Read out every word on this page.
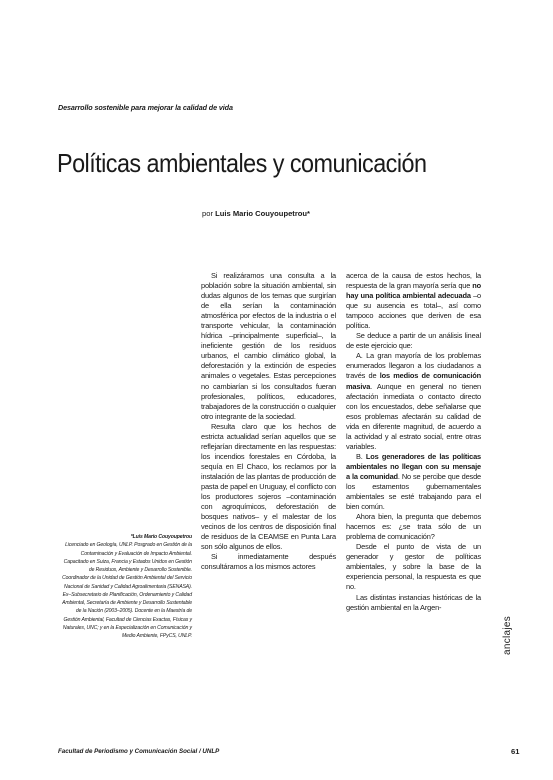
Desarrollo sostenible para mejorar la calidad de vida
Políticas ambientales y comunicación
por Luis Mario Couyoupetrou*

Si realizáramos una consulta a la población sobre la situación ambiental, sin dudas algunos de los temas que surgirían de ella serían la contaminación atmosférica por efectos de la industria o el transporte vehicular, la contaminación hídrica –principalmente superficial–, la ineficiente gestión de los residuos urbanos, el cambio climático global, la deforestación y la extinción de especies animales o vegetales. Estas percepciones no cambiarían si los consultados fueran profesionales, políticos, educadores, trabajadores de la construcción o cualquier otro integrante de la sociedad.

Resulta claro que los hechos de estricta actualidad serían aquellos que se reflejarían directamente en las respuestas: los incendios forestales en Córdoba, la sequía en El Chaco, los reclamos por la instalación de las plantas de producción de pasta de papel en Uruguay, el conflicto con los productores sojeros –contaminación con agroquímicos, deforestación de bosques nativos– y el malestar de los vecinos de los centros de disposición final de residuos de la CEAMSE en Punta Lara son sólo algunos de ellos.

Si inmediatamente después consultáramos a los mismos actores

acerca de la causa de estos hechos, la respuesta de la gran mayoría sería que no hay una política ambiental adecuada –o que su ausencia es total–, así como tampoco acciones que deriven de esa política.

Se deduce a partir de un análisis lineal de este ejercicio que:

A. La gran mayoría de los problemas enumerados llegaron a los ciudadanos a través de los medios de comunicación masiva. Aunque en general no tienen afectación inmediata o contacto directo con los encuestados, debe señalarse que esos problemas afectarán su calidad de vida en diferente magnitud, de acuerdo a la actividad y al estrato social, entre otras variables.

B. Los generadores de las políticas ambientales no llegan con su mensaje a la comunidad. No se percibe que desde los estamentos gubernamentales ambientales se esté trabajando para el bien común.

Ahora bien, la pregunta que debemos hacernos es: ¿se trata sólo de un problema de comunicación?

Desde el punto de vista de un generador y gestor de políticas ambientales, y sobre la base de la experiencia personal, la respuesta es que no.

Las distintas instancias históricas de la gestión ambiental en la Argen-

*Luis Mario Couyoupetrou
Licenciado en Geología, UNLP. Posgrado en Gestión de la Contaminación y Evaluación de Impacto Ambiental. Capacitado en Suiza, Francia y Estados Unidos en Gestión de Residuos, Ambiente y Desarrollo Sostenible. Coordinador de la Unidad de Gestión Ambiental del Servicio Nacional de Sanidad y Calidad Agroalimentaria (SENASA). Ex–Subsecretario de Planificación, Ordenamiento y Calidad Ambiental, Secretaría de Ambiente y Desarrollo Sustentable de la Nación (2003–2005). Docente en la Maestría de Gestión Ambiental, Facultad de Ciencias Exactas, Físicas y Naturales, UNC; y en la Especialización en Comunicación y Medio Ambiente, FPyCS, UNLP.	anclajes
Facultad de Periodismo y Comunicación Social / UNLP	61
